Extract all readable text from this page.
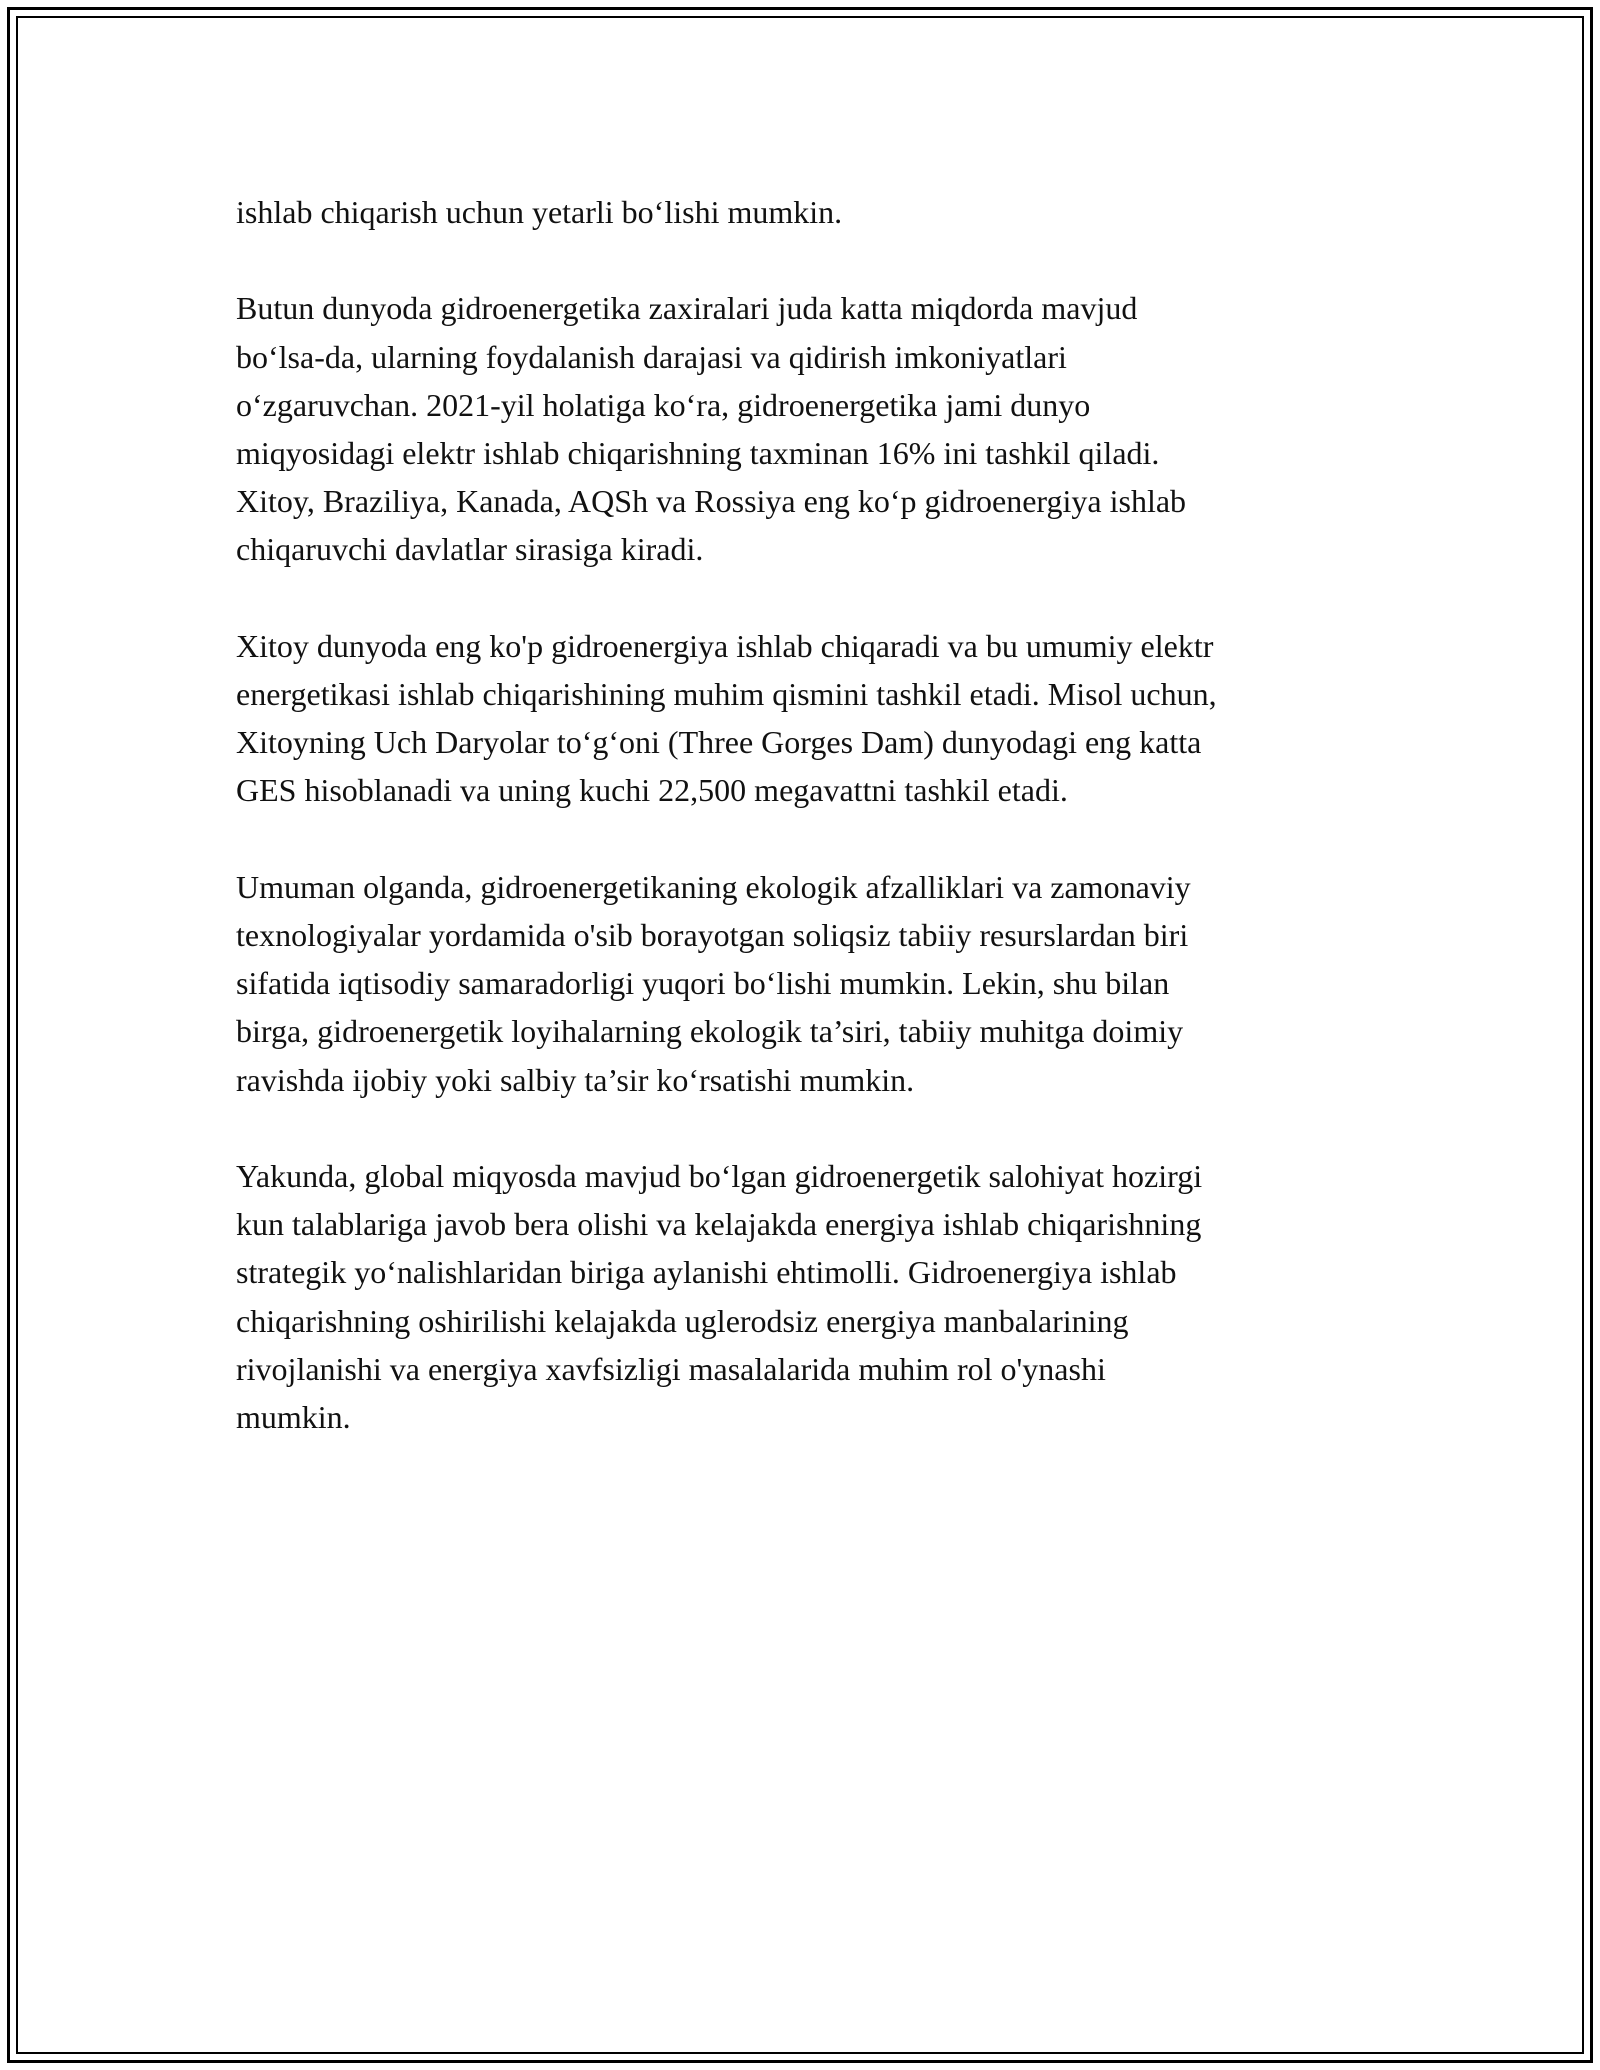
ishlab chiqarish uchun yetarli bo‘lishi mumkin.

Butun dunyoda gidroenergetika zaxiralari juda katta miqdorda mavjud
bo‘lsa-da, ularning foydalanish darajasi va qidirish imkoniyatlari
o‘zgaruvchan. 2021-yil holatiga ko‘ra, gidroenergetika jami dunyo
miqyosidagi elektr ishlab chiqarishning taxminan 16% ini tashkil qiladi.
Xitoy, Braziliya, Kanada, AQSh va Rossiya eng ko‘p gidroenergiya ishlab
chiqaruvchi davlatlar sirasiga kiradi.

Xitoy dunyoda eng ko'p gidroenergiya ishlab chiqaradi va bu umumiy elektr
energetikasi ishlab chiqarishining muhim qismini tashkil etadi. Misol uchun,
Xitoyning Uch Daryolar to‘g‘oni (Three Gorges Dam) dunyodagi eng katta
GES hisoblanadi va uning kuchi 22,500 megavattni tashkil etadi.

Umuman olganda, gidroenergetikaning ekologik afzalliklari va zamonaviy
texnologiyalar yordamida o'sib borayotgan soliqsiz tabiiy resurslardan biri
sifatida iqtisodiy samaradorligi yuqori bo‘lishi mumkin. Lekin, shu bilan
birga, gidroenergetik loyihalarning ekologik ta’siri, tabiiy muhitga doimiy
ravishda ijobiy yoki salbiy ta’sir ko‘rsatishi mumkin.

Yakunda, global miqyosda mavjud bo‘lgan gidroenergetik salohiyat hozirgi
kun talablariga javob bera olishi va kelajakda energiya ishlab chiqarishning
strategik yo‘nalishlaridan biriga aylanishi ehtimolli. Gidroenergiya ishlab
chiqarishning oshirilishi kelajakda uglerodsiz energiya manbalarining
rivojlanishi va energiya xavfsizligi masalalarida muhim rol o'ynashi
mumkin.
